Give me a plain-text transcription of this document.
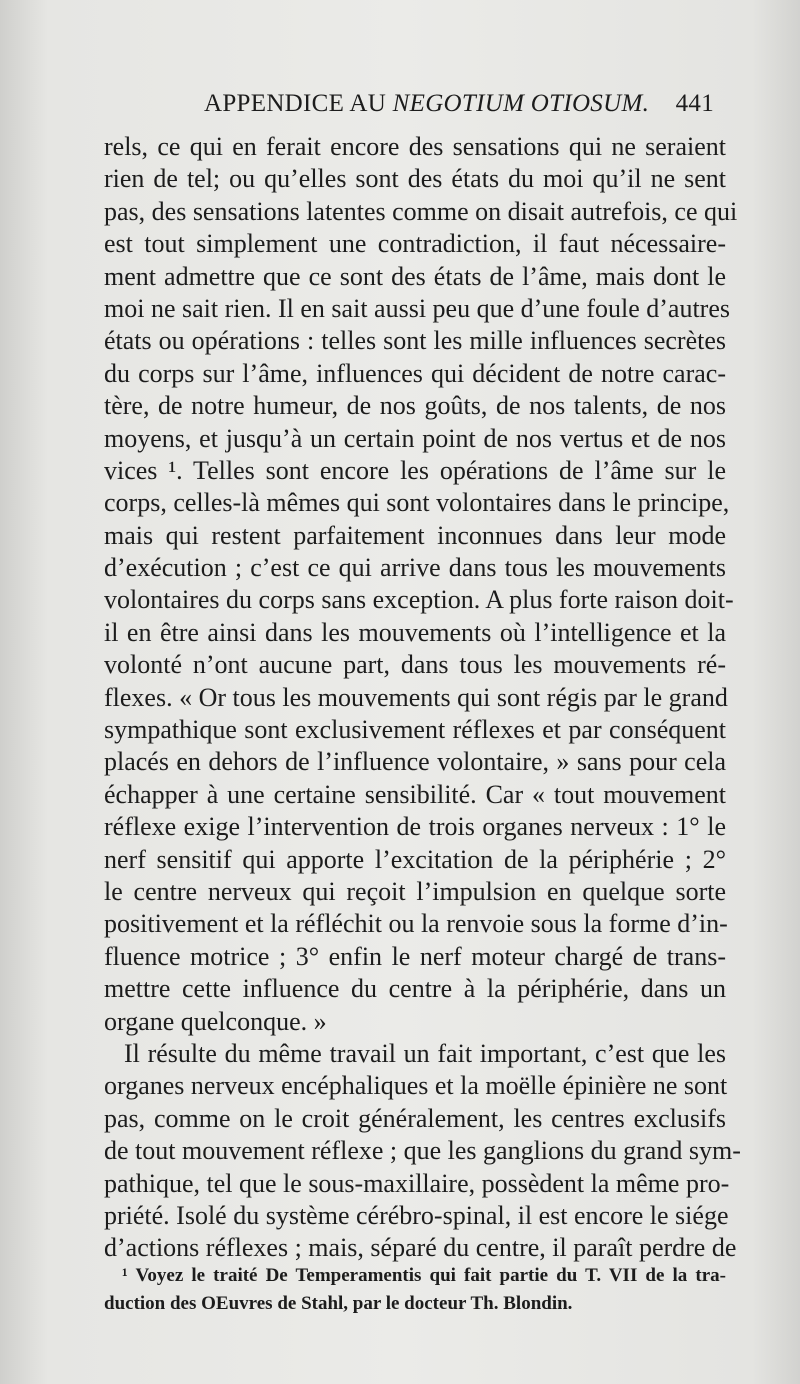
APPENDICE AU NEGOTIUM OTIOSUM. 441
rels, ce qui en ferait encore des sensations qui ne seraient
rien de tel; ou qu’elles sont des états du moi qu’il ne sent
pas, des sensations latentes comme on disait autrefois, ce qui
est tout simplement une contradiction, il faut nécessaire-
ment admettre que ce sont des états de l’âme, mais dont le
moi ne sait rien. Il en sait aussi peu que d’une foule d’autres
états ou opérations : telles sont les mille influences secrètes
du corps sur l’âme, influences qui décident de notre carac-
tère, de notre humeur, de nos goûts, de nos talents, de nos
moyens, et jusqu’à un certain point de nos vertus et de nos
vices ¹. Telles sont encore les opérations de l’âme sur le
corps, celles-là mêmes qui sont volontaires dans le principe,
mais qui restent parfaitement inconnues dans leur mode
d’exécution ; c’est ce qui arrive dans tous les mouvements
volontaires du corps sans exception. A plus forte raison doit-
il en être ainsi dans les mouvements où l’intelligence et la
volonté n’ont aucune part, dans tous les mouvements ré-
flexes. « Or tous les mouvements qui sont régis par le grand
sympathique sont exclusivement réflexes et par conséquent
placés en dehors de l’influence volontaire, » sans pour cela
échapper à une certaine sensibilité. Car « tout mouvement
réflexe exige l’intervention de trois organes nerveux : 1° le
nerf sensitif qui apporte l’excitation de la périphérie ; 2°
le centre nerveux qui reçoit l’impulsion en quelque sorte
positivement et la réfléchit ou la renvoie sous la forme d’in-
fluence motrice ; 3° enfin le nerf moteur chargé de trans-
mettre cette influence du centre à la périphérie, dans un
organe quelconque. »
Il résulte du même travail un fait important, c’est que les
organes nerveux encéphaliques et la moëlle épinière ne sont
pas, comme on le croit généralement, les centres exclusifs
de tout mouvement réflexe ; que les ganglions du grand sym-
pathique, tel que le sous-maxillaire, possèdent la même pro-
priété. Isolé du système cérébro-spinal, il est encore le siége
d’actions réflexes ; mais, séparé du centre, il paraît perdre de
¹ Voyez le traité De Temperamentis qui fait partie du T. VII de la tra-
duction des OEuvres de Stahl, par le docteur Th. Blondin.
